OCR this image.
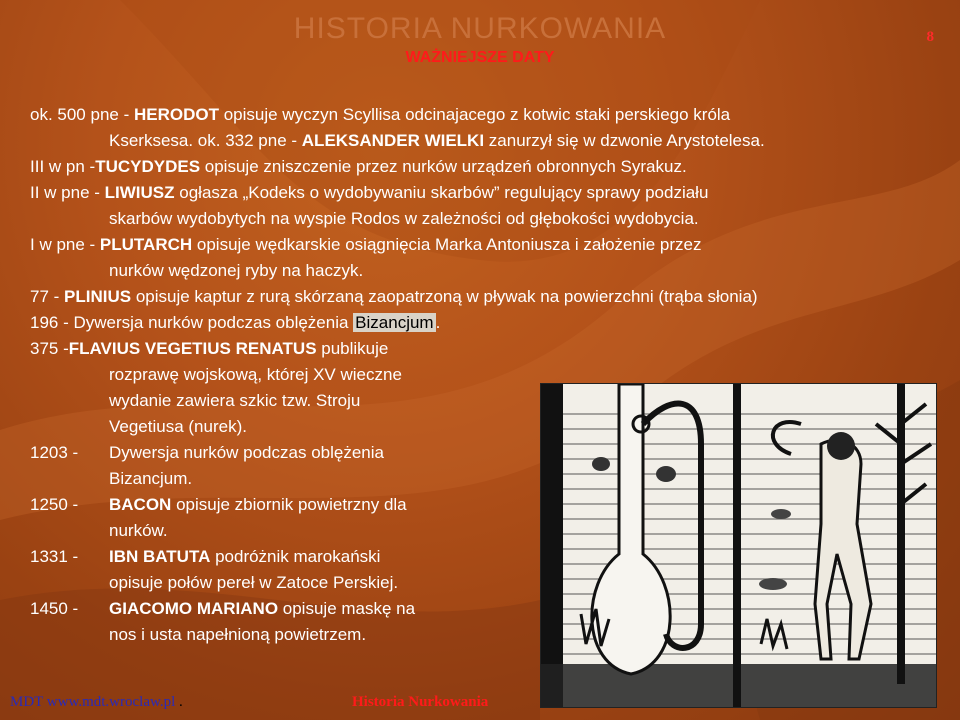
HISTORIA NURKOWANIA
WAŻNIEJSZE DATY
8
ok. 500 pne - HERODOT opisuje wyczyn Scyllisa odcinajacego z kotwic staki perskiego króla
Kserksesa. ok. 332 pne - ALEKSANDER WIELKI zanurzył się w dzwonie Arystotelesa.
III w pn -TUCYDYDES opisuje zniszczenie przez nurków urządzeń obronnych Syrakuz.
II w pne - LIWIUSZ ogłasza „Kodeks o wydobywaniu skarbów” regulujący sprawy podziału
skarbów wydobytych na wyspie Rodos w zależności od głębokości wydobycia.
I w pne - PLUTARCH opisuje wędkarskie osiągnięcia Marka Antoniusza i założenie przez
nurków wędzonej ryby na haczyk.
77 - PLINIUS opisuje kaptur z rurą skórzaną zaopatrzoną w pływak na powierzchni (trąba słonia)
196 - Dywersja nurków podczas oblężenia Bizancjum .
375 -FLAVIUS VEGETIUS RENATUS publikuje
rozprawę wojskową, której XV wieczne
wydanie zawiera szkic tzw. Stroju
Vegetiusa (nurek).
1203 - Dywersja nurków podczas oblężenia
Bizancjum.
1250 - BACON opisuje zbiornik powietrzny dla
nurków.
1331 - IBN BATUTA podróżnik marokański
opisuje połów pereł w Zatoce Perskiej.
1450 - GIACOMO MARIANO opisuje maskę na
nos i usta napełnioną powietrzem.
MDT www.mdt.wroclaw.pl .	Historia Nurkowania
